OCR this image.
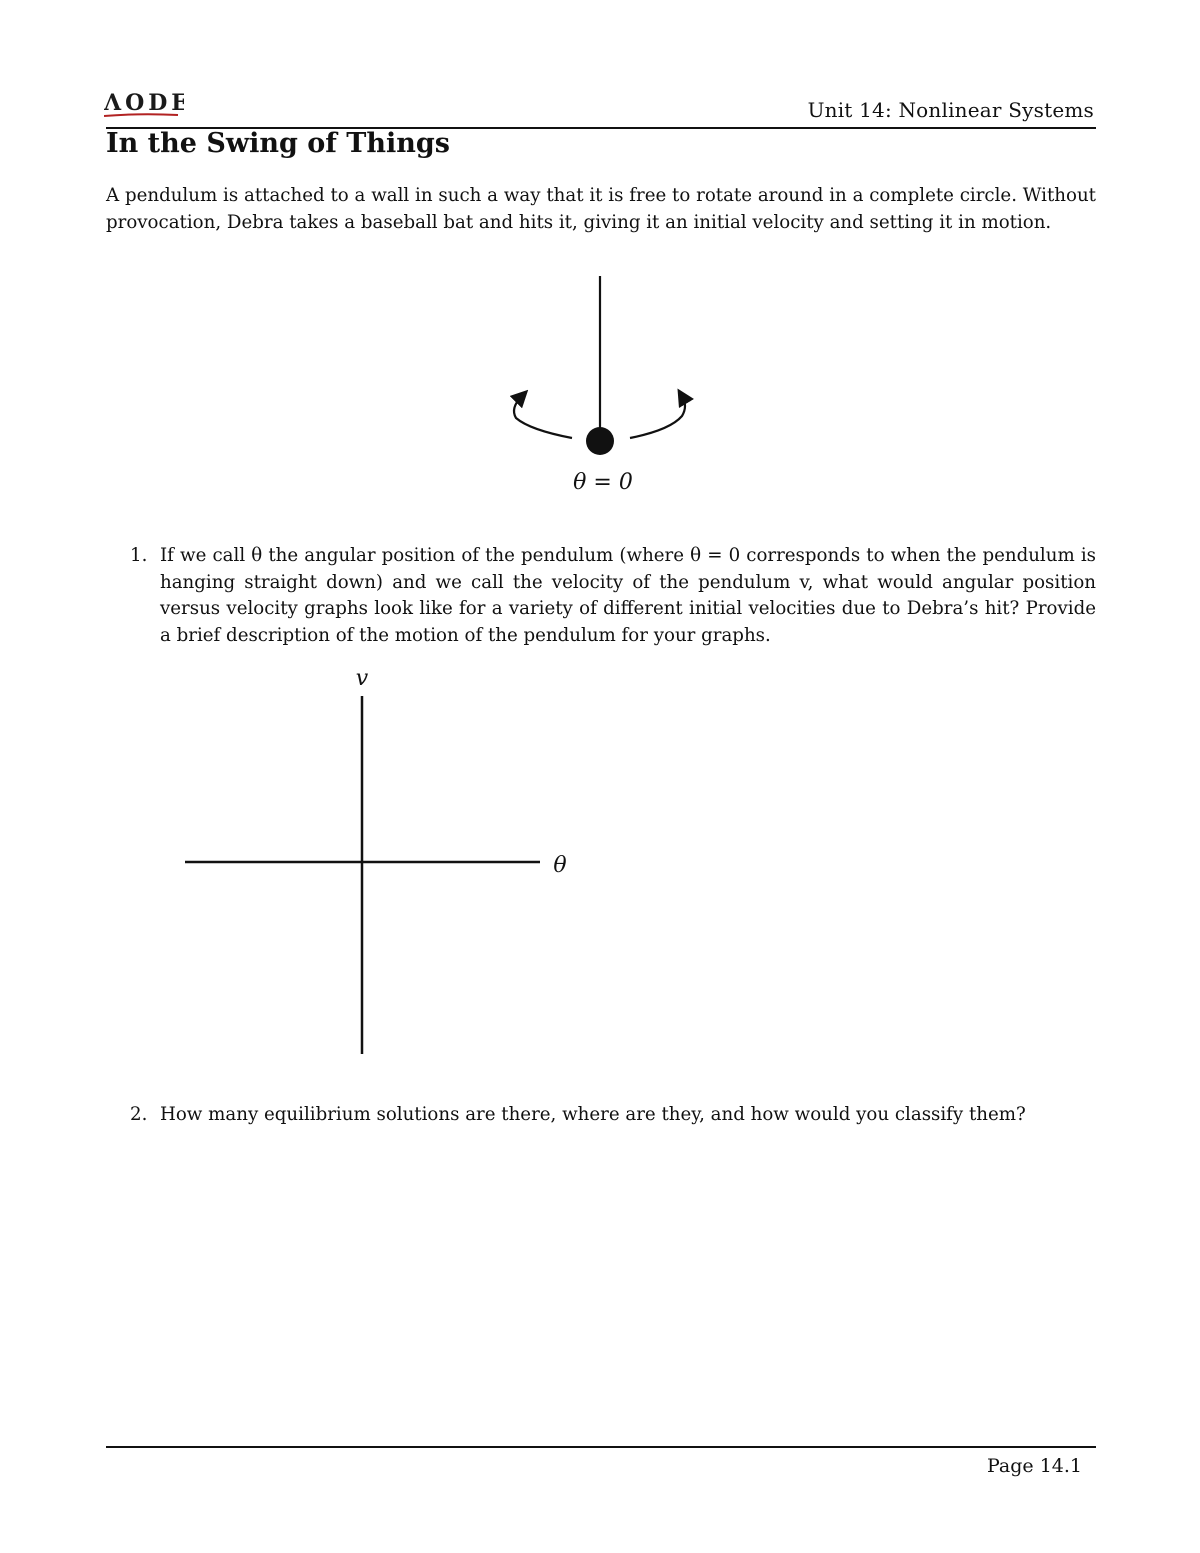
ΛODE	Unit 14: Nonlinear Systems
In the Swing of Things

A pendulum is attached to a wall in such a way that it is free to rotate around in a complete circle. Without provocation, Debra takes a baseball bat and hits it, giving it an initial velocity and setting it in motion.

θ = 0
1. If we call θ the angular position of the pendulum (where θ = 0 corresponds to when the pendulum is hanging straight down) and we call the velocity of the pendulum v, what would angular position versus velocity graphs look like for a variety of different initial velocities due to Debra’s hit? Provide a brief description of the motion of the pendulum for your graphs.
v
θ
2. How many equilibrium solutions are there, where are they, and how would you classify them?
Page 14.1
